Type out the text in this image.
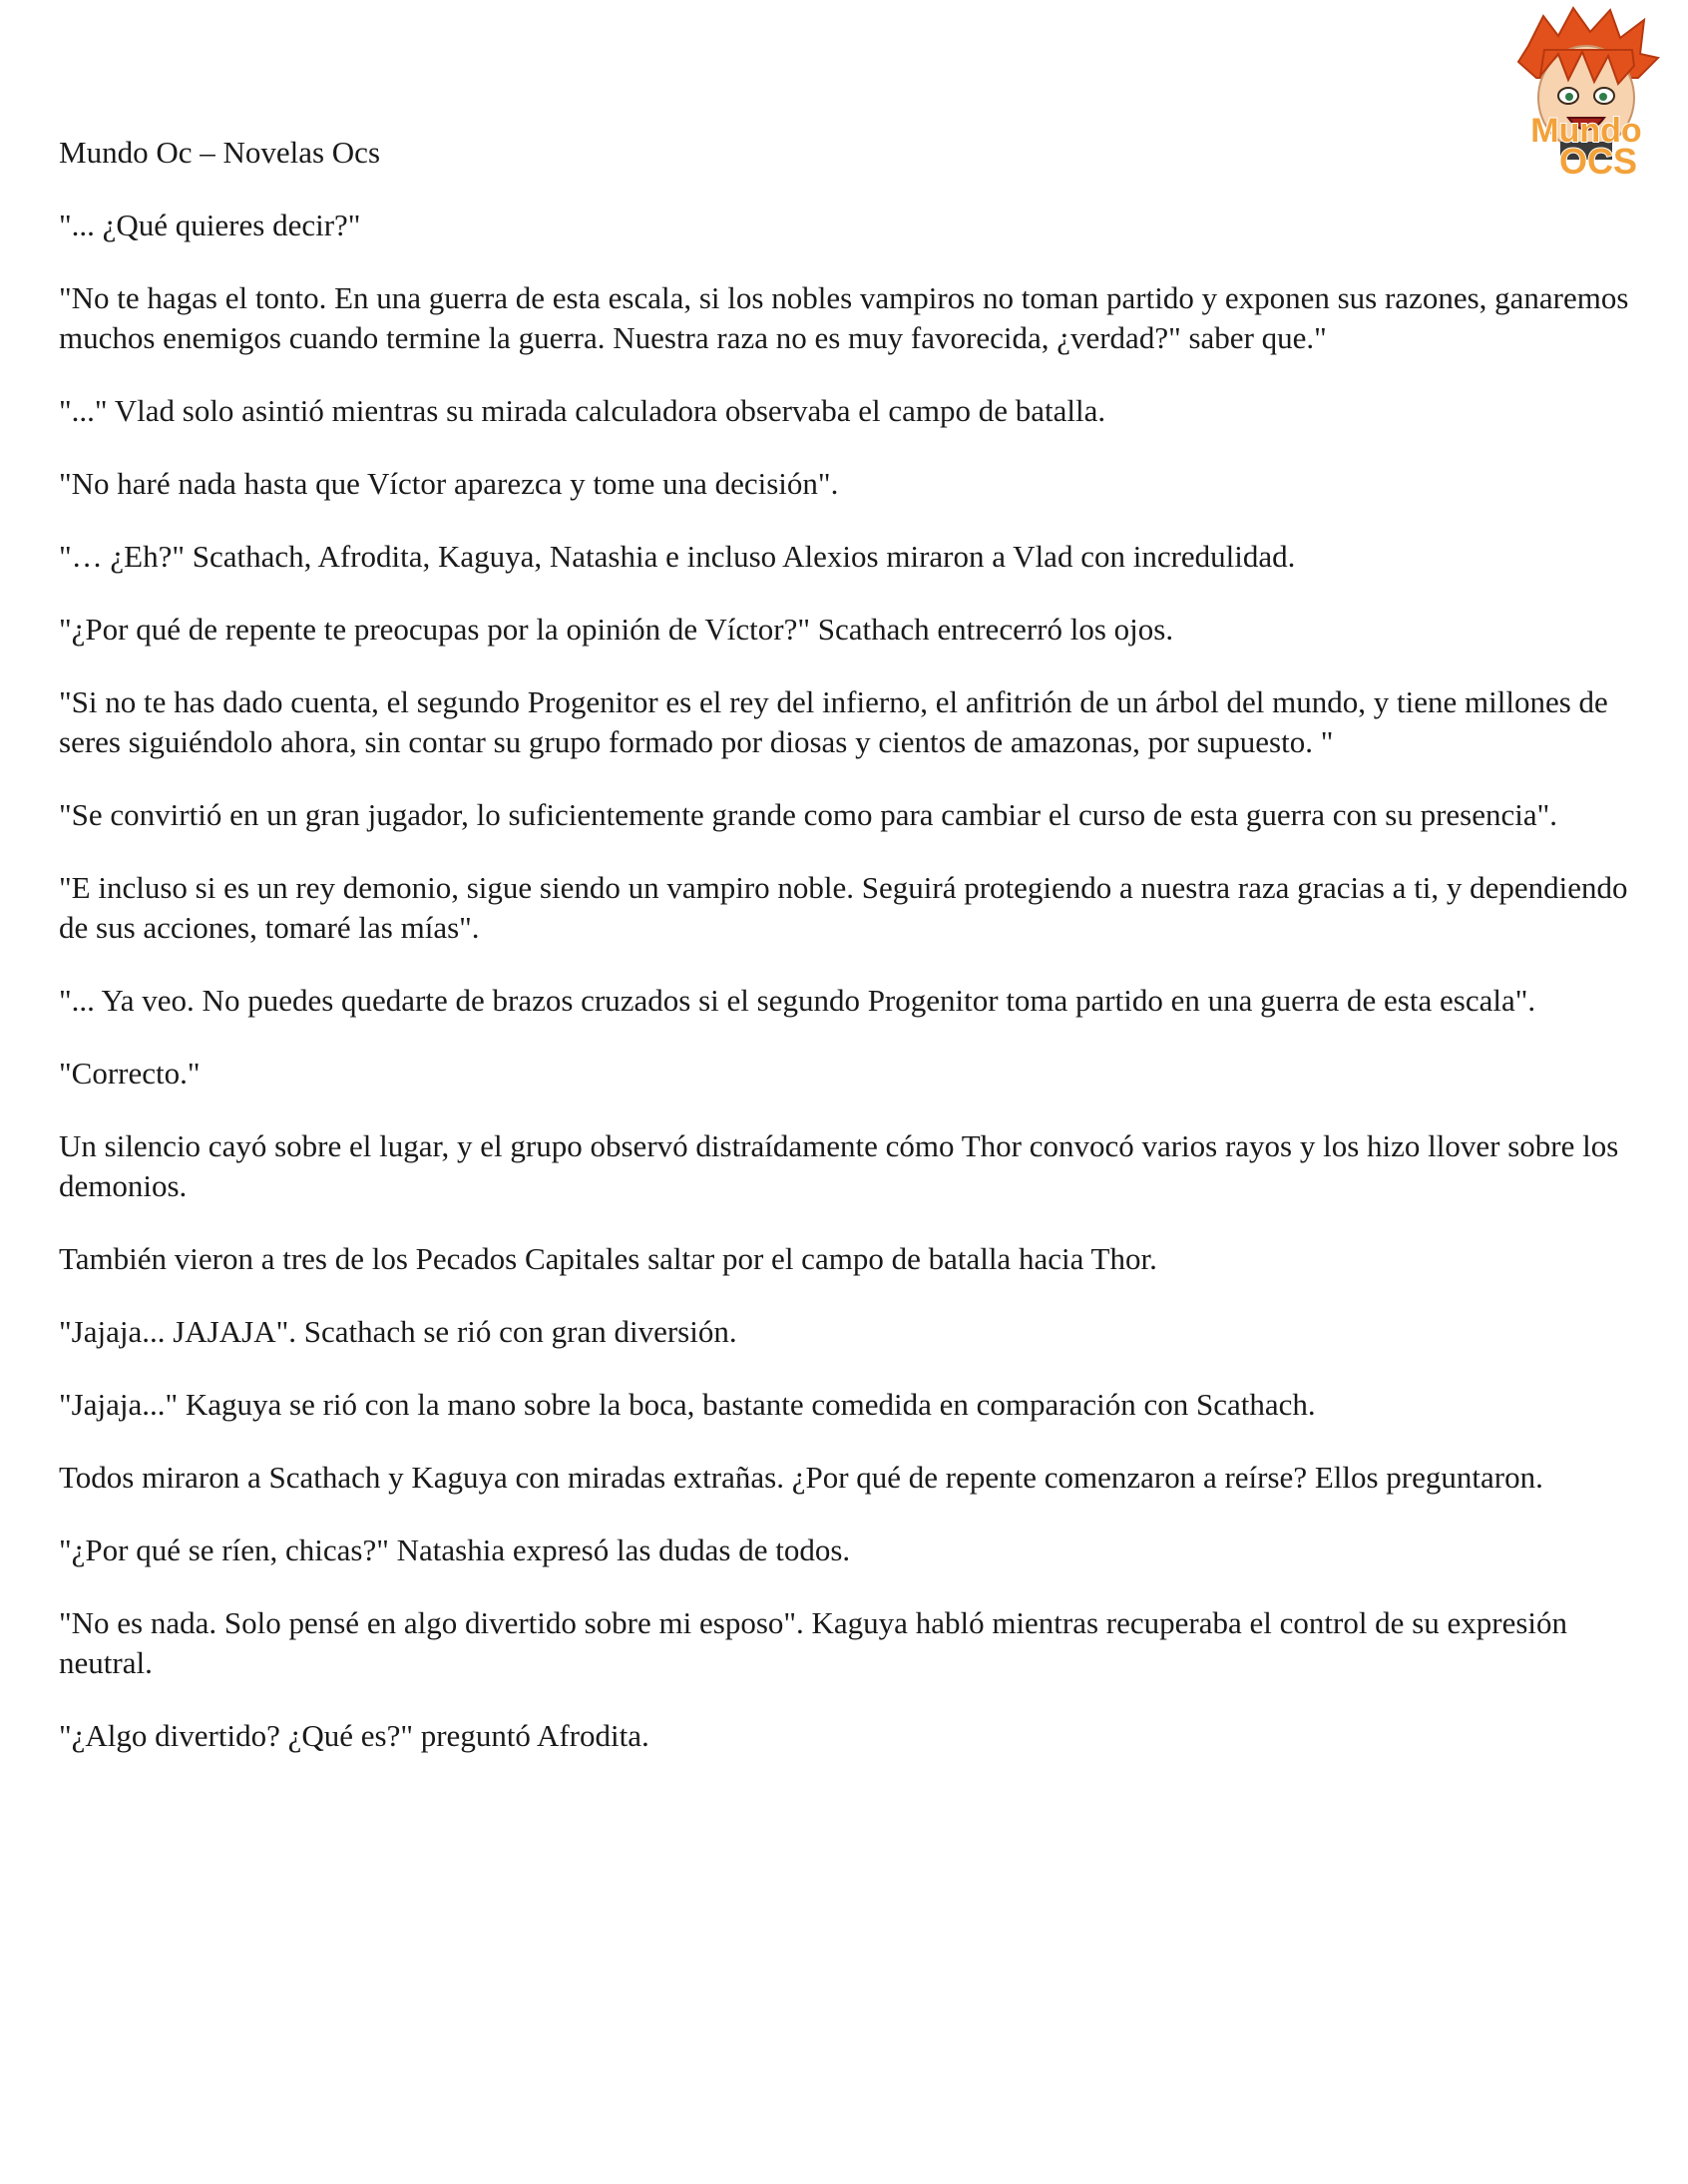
Mundo
OCS
Mundo Oc – Novelas Ocs

"... ¿Qué quieres decir?"

"No te hagas el tonto. En una guerra de esta escala, si los nobles vampiros no toman partido y exponen sus razones, ganaremos muchos enemigos cuando termine la guerra. Nuestra raza no es muy favorecida, ¿verdad?" saber que."

"..." Vlad solo asintió mientras su mirada calculadora observaba el campo de batalla.

"No haré nada hasta que Víctor aparezca y tome una decisión".

"… ¿Eh?" Scathach, Afrodita, Kaguya, Natashia e incluso Alexios miraron a Vlad con incredulidad.

"¿Por qué de repente te preocupas por la opinión de Víctor?" Scathach entrecerró los ojos.

"Si no te has dado cuenta, el segundo Progenitor es el rey del infierno, el anfitrión de un árbol del mundo, y tiene millones de seres siguiéndolo ahora, sin contar su grupo formado por diosas y cientos de amazonas, por supuesto. "

"Se convirtió en un gran jugador, lo suficientemente grande como para cambiar el curso de esta guerra con su presencia".

"E incluso si es un rey demonio, sigue siendo un vampiro noble. Seguirá protegiendo a nuestra raza gracias a ti, y dependiendo de sus acciones, tomaré las mías".

"... Ya veo. No puedes quedarte de brazos cruzados si el segundo Progenitor toma partido en una guerra de esta escala".

"Correcto."

Un silencio cayó sobre el lugar, y el grupo observó distraídamente cómo Thor convocó varios rayos y los hizo llover sobre los demonios.

También vieron a tres de los Pecados Capitales saltar por el campo de batalla hacia Thor.

"Jajaja... JAJAJA". Scathach se rió con gran diversión.

"Jajaja..." Kaguya se rió con la mano sobre la boca, bastante comedida en comparación con Scathach.

Todos miraron a Scathach y Kaguya con miradas extrañas. ¿Por qué de repente comenzaron a reírse? Ellos preguntaron.

"¿Por qué se ríen, chicas?" Natashia expresó las dudas de todos.

"No es nada. Solo pensé en algo divertido sobre mi esposo". Kaguya habló mientras recuperaba el control de su expresión neutral.

"¿Algo divertido? ¿Qué es?" preguntó Afrodita.
